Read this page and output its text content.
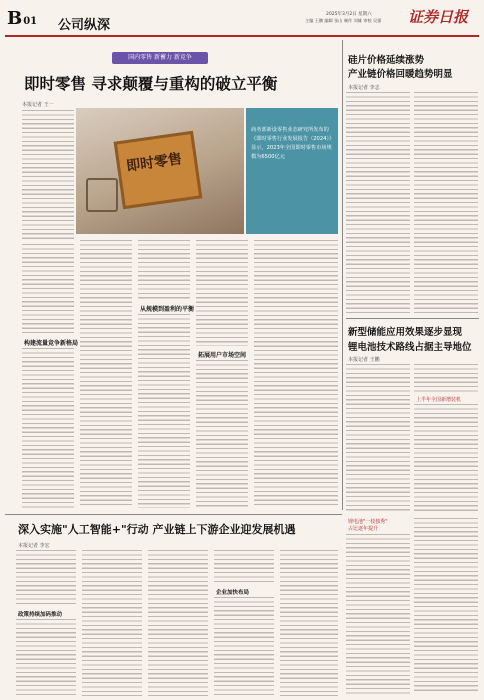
B01 公司纵深
2025年3月2日 星期六
主编 王鹏 编辑 张山 制作 刘雄 审校 吴强 证券日报
国内零售 新蓄力 新竞争
即时零售 寻求颠覆与重构的破立平衡
本报记者 王一
即时零售
商务部新设零售业态研究所发布的《即时零售行业发展报告（2024）》显示，2023年全国即时零售市场规模为6500亿元
构建流量竞争新格局
从规模到盈利的平衡
拓展用户市场空间
硅片价格延续涨势
产业链价格回暖趋势明显
本报记者 李志
新型储能应用效果逐步显现
锂电池技术路线占据主导地位
本报记者 王鹏
上半年全国新增装机
锂电池"一枝独秀"
占比逐年提升
深入实施"人工智能+"行动 产业链上下游企业迎发展机遇
本报记者 李宏
政策持续加码推动
企业加快布局
